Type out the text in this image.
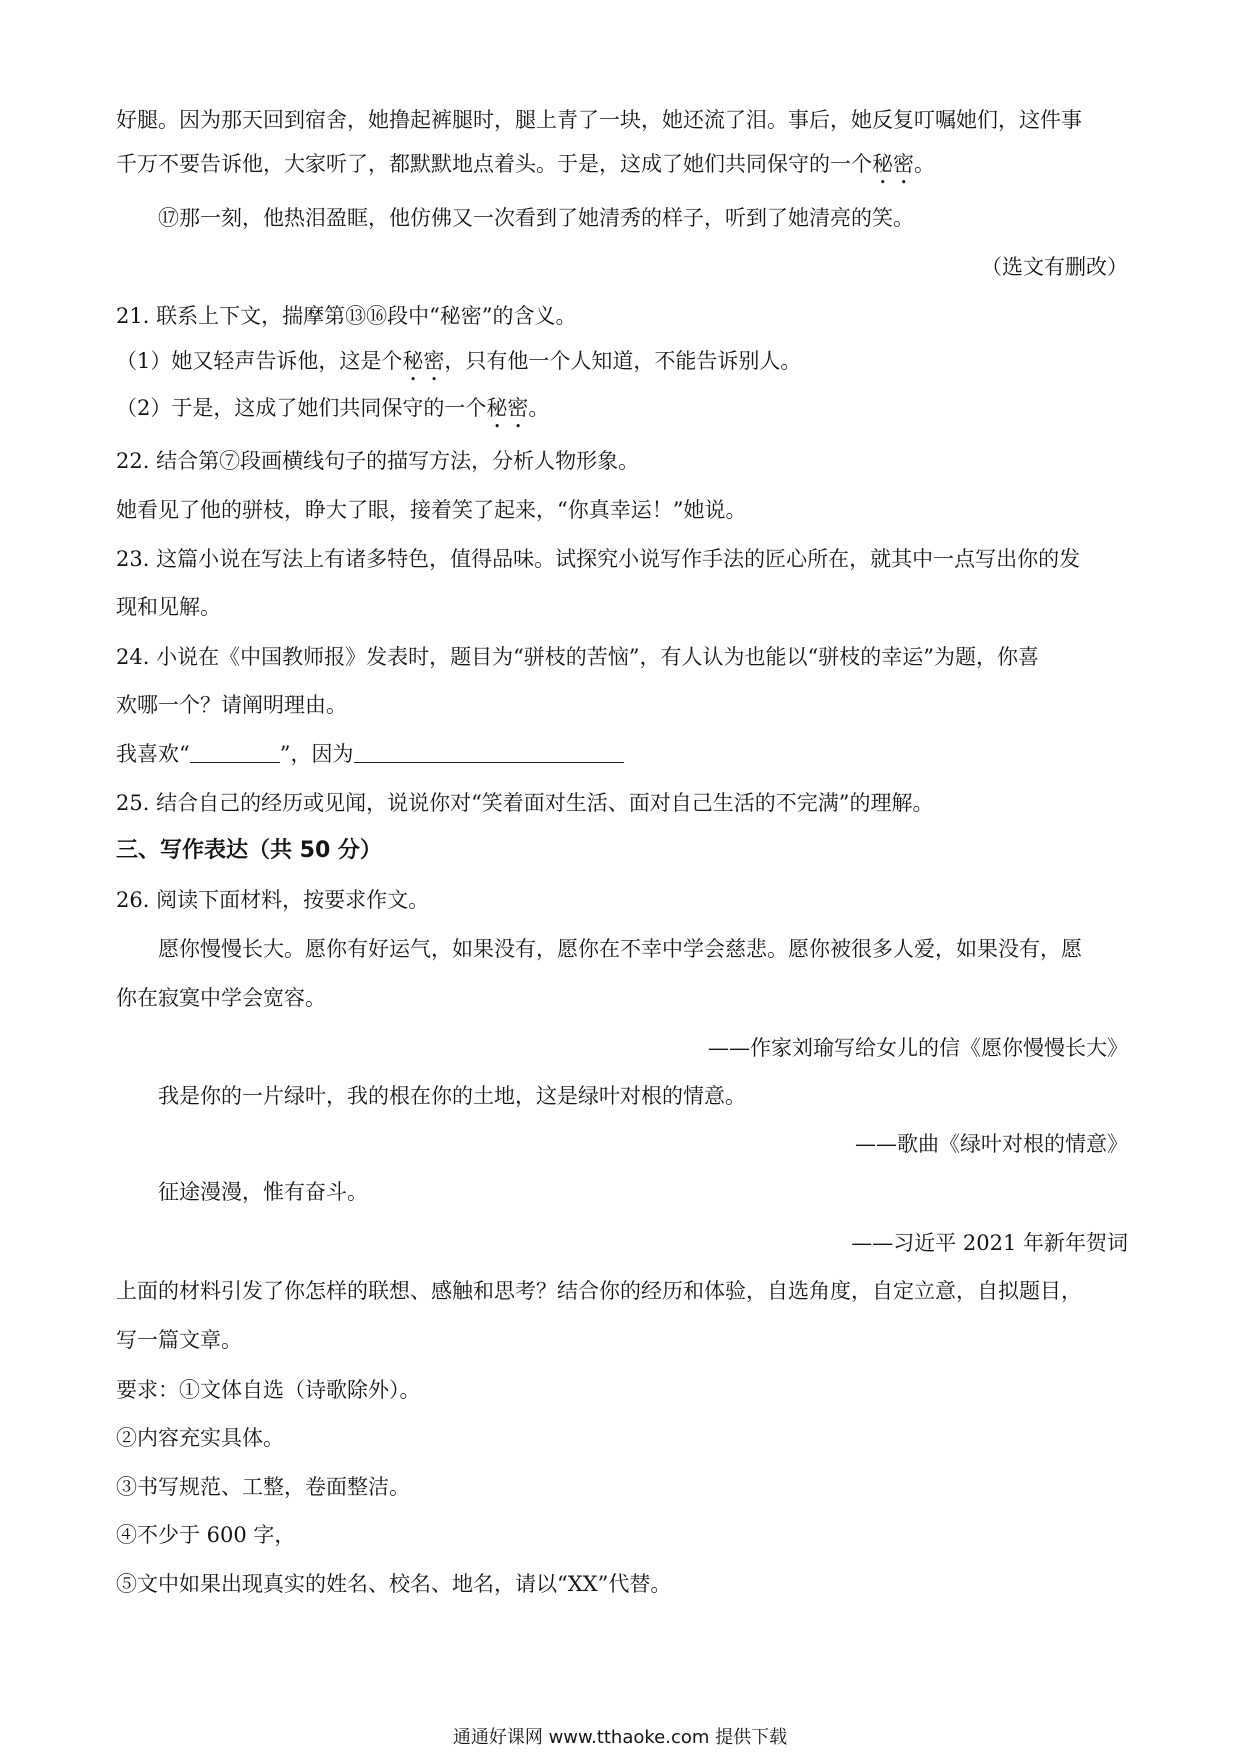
好腿。因为那天回到宿舍，她撸起裤腿时，腿上青了一块，她还流了泪。事后，她反复叮嘱她们，这件事
千万不要告诉他，大家听了，都默默地点着头。于是，这成了她们共同保守的一个秘密。
⑰那一刻，他热泪盈眶，他仿佛又一次看到了她清秀的样子，听到了她清亮的笑。
（选文有删改）
21. 联系上下文，揣摩第⑬⑯段中“秘密”的含义。
（1）她又轻声告诉他，这是个秘密，只有他一个人知道，不能告诉别人。
（2）于是，这成了她们共同保守的一个秘密。
22. 结合第⑦段画横线句子的描写方法，分析人物形象。
她看见了他的骈枝，睁大了眼，接着笑了起来，“你真幸运！”她说。
23. 这篇小说在写法上有诸多特色，值得品味。试探究小说写作手法的匠心所在，就其中一点写出你的发
现和见解。
24. 小说在《中国教师报》发表时，题目为“骈枝的苦恼”，有人认为也能以“骈枝的幸运”为题，你喜
欢哪一个？请阐明理由。
我喜欢“	”，因为
25. 结合自己的经历或见闻，说说你对“笑着面对生活、面对自己生活的不完满”的理解。
三、写作表达（共 50 分）
26. 阅读下面材料，按要求作文。
愿你慢慢长大。愿你有好运气，如果没有，愿你在不幸中学会慈悲。愿你被很多人爱，如果没有，愿
你在寂寞中学会宽容。
——作家刘瑜写给女儿的信《愿你慢慢长大》
我是你的一片绿叶，我的根在你的土地，这是绿叶对根的情意。
——歌曲《绿叶对根的情意》
征途漫漫，惟有奋斗。
——习近平 2021 年新年贺词
上面的材料引发了你怎样的联想、感触和思考？结合你的经历和体验，自选角度，自定立意，自拟题目，
写一篇文章。
要求：①文体自选（诗歌除外）。
②内容充实具体。
③书写规范、工整，卷面整洁。
④不少于 600 字，
⑤文中如果出现真实的姓名、校名、地名，请以“XX”代替。
通通好课网 www.tthaoke.com 提供下载
